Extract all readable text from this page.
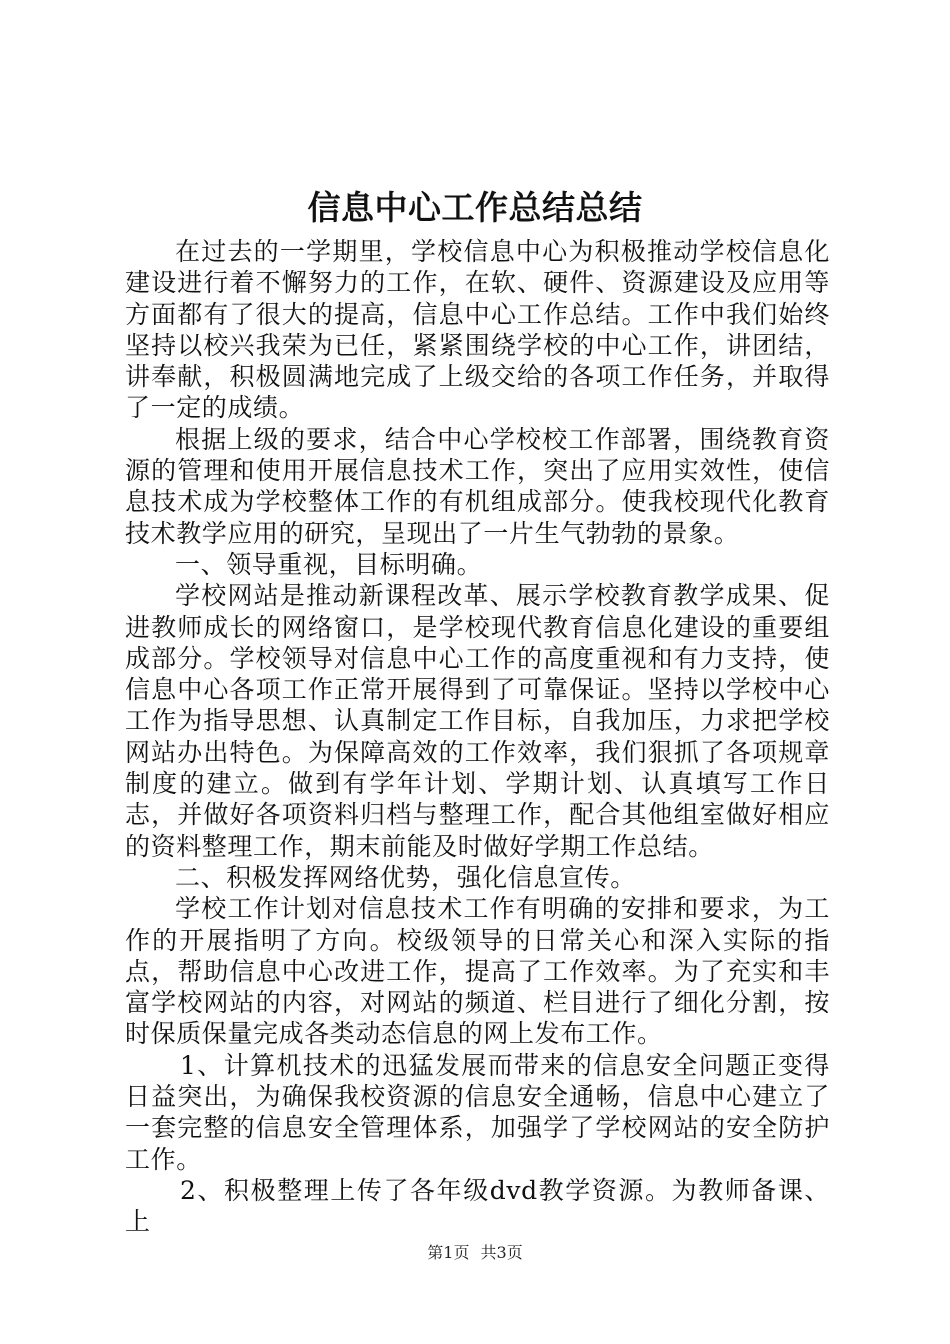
信息中心工作总结总结

在过去的一学期里，学校信息中心为积极推动学校信息化建设进行着不懈努力的工作，在软、硬件、资源建设及应用等方面都有了很大的提高，信息中心工作总结。工作中我们始终坚持以校兴我荣为已任，紧紧围绕学校的中心工作，讲团结，讲奉献，积极圆满地完成了上级交给的各项工作任务，并取得了一定的成绩。

根据上级的要求，结合中心学校校工作部署，围绕教育资源的管理和使用开展信息技术工作，突出了应用实效性，使信息技术成为学校整体工作的有机组成部分。使我校现代化教育技术教学应用的研究，呈现出了一片生气勃勃的景象。

一、领导重视，目标明确。

学校网站是推动新课程改革、展示学校教育教学成果、促进教师成长的网络窗口，是学校现代教育信息化建设的重要组成部分。学校领导对信息中心工作的高度重视和有力支持，使信息中心各项工作正常开展得到了可靠保证。坚持以学校中心工作为指导思想、认真制定工作目标，自我加压，力求把学校网站办出特色。为保障高效的工作效率，我们狠抓了各项规章制度的建立。做到有学年计划、学期计划、认真填写工作日志，并做好各项资料归档与整理工作，配合其他组室做好相应的资料整理工作，期末前能及时做好学期工作总结。

二、积极发挥网络优势，强化信息宣传。

学校工作计划对信息技术工作有明确的安排和要求，为工作的开展指明了方向。校级领导的日常关心和深入实际的指点，帮助信息中心改进工作，提高了工作效率。为了充实和丰富学校网站的内容，对网站的频道、栏目进行了细化分割，按时保质保量完成各类动态信息的网上发布工作。

1、计算机技术的迅猛发展而带来的信息安全问题正变得日益突出，为确保我校资源的信息安全通畅，信息中心建立了一套完整的信息安全管理体系，加强学了学校网站的安全防护工作。

2、积极整理上传了各年级dvd教学资源。为教师备课、上

第1页 共3页
